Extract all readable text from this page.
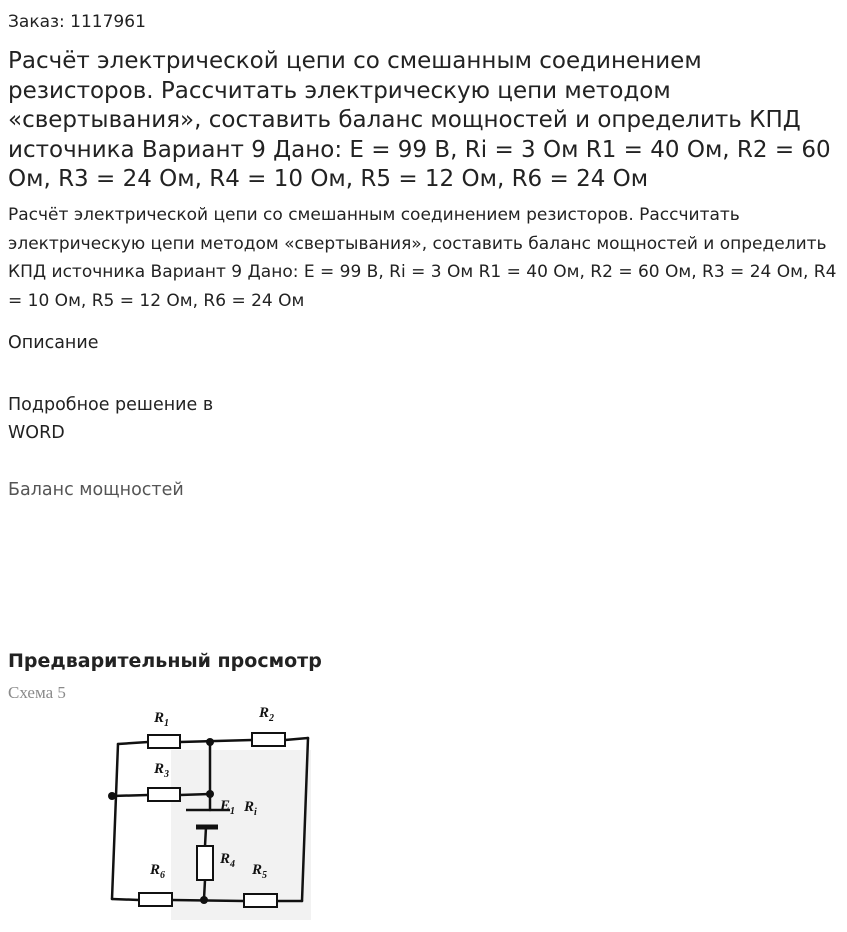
Заказ: 1117961
Расчёт электрической цепи со смешанным соединением резисторов. Рассчитать электрическую цепи методом «свертывания», составить баланс мощностей и определить КПД источника Вариант 9 Дано: E = 99 В, Ri = 3 Ом R1 = 40 Ом, R2 = 60 Ом, R3 = 24 Ом, R4 = 10 Ом, R5 = 12 Ом, R6 = 24 Ом

Расчёт электрической цепи со смешанным соединением резисторов. Рассчитать электрическую цепи методом «свертывания», составить баланс мощностей и определить КПД источника Вариант 9 Дано: E = 99 В, Ri = 3 Ом R1 = 40 Ом, R2 = 60 Ом, R3 = 24 Ом, R4 = 10 Ом, R5 = 12 Ом, R6 = 24 Ом

Описание
Подробное решение в WORD
Баланс мощностей
Предварительный просмотр
Схема 5
$R_1$
$R_2$
$R_3$
$E_1$ $R_i$
$R_4$ $R_5$
$R_6$
